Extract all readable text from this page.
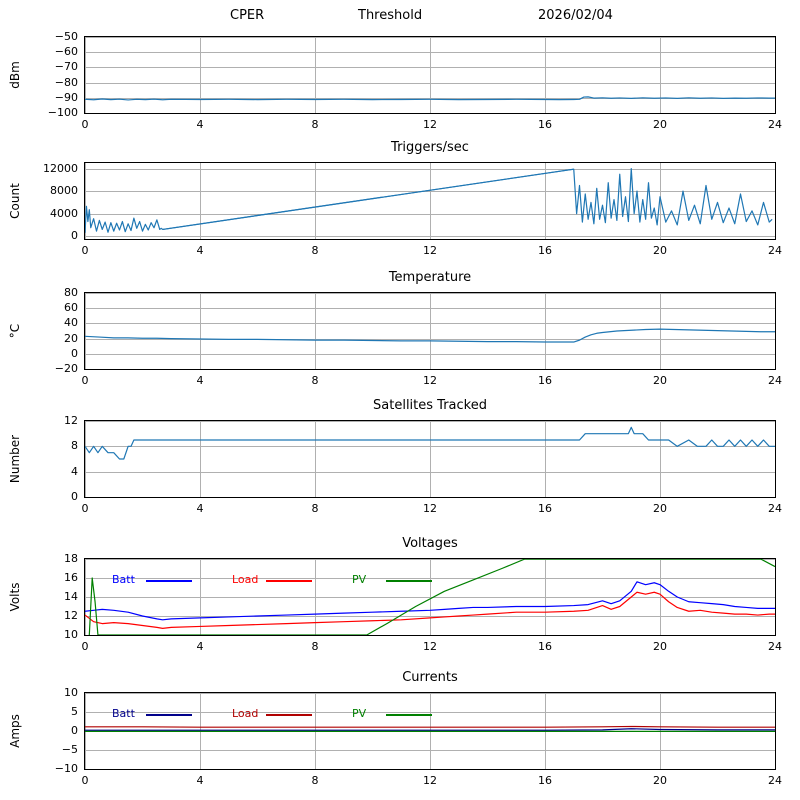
CPER	Threshold	2026/02/04
−100
−90
−80
−70
−60
−50
0	4	8	12	16	20	24
dBm
Triggers/sec
0
4000
8000
12000
0	4	8	12	16	20	24
Count
Temperature
−20
0
20
40
60
80
0	4	8	12	16	20	24
°C
Satellites Tracked
0
4
8
12
0	4	8	12	16	20	24
Number
Voltages
10
12
14
16
18
0	4	8	12	16	20	24
Volts
Batt	Load	PV
Currents
−10
−5
0
5
10
0	4	8	12	16	20	24
Amps
Batt	Load	PV
